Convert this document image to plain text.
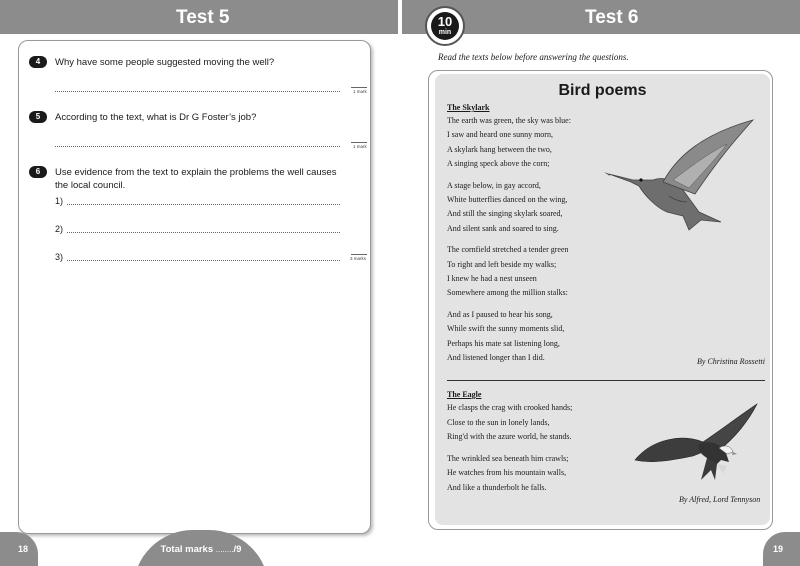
Test 5	Test 6
10
min
4	Why have some people suggested moving the well?
1 mark
5	According to the text, what is Dr G Foster’s job?
1 mark
6	Use evidence from the text to explain the problems the well causes the local council.
1)
2)
3)	3 marks
Read the texts below before answering the questions.
Bird poems
The Skylark
The earth was green, the sky was blue:
I saw and heard one sunny morn,
A skylark hang between the two,
A singing speck above the corn;
A stage below, in gay accord,
White butterflies danced on the wing,
And still the singing skylark soared,
And silent sank and soared to sing.
The cornfield stretched a tender green
To right and left beside my walks;
I knew he had a nest unseen
Somewhere among the million stalks:
And as I paused to hear his song,
While swift the sunny moments slid,
Perhaps his mate sat listening long,
And listened longer than I did.	By Christina Rossetti
The Eagle
He clasps the crag with crooked hands;
Close to the sun in lonely lands,
Ring'd with the azure world, he stands.
The wrinkled sea beneath him crawls;
He watches from his mountain walls,
And like a thunderbolt he falls.
By Alfred, Lord Tennyson
18	19
Total marks ......../9
